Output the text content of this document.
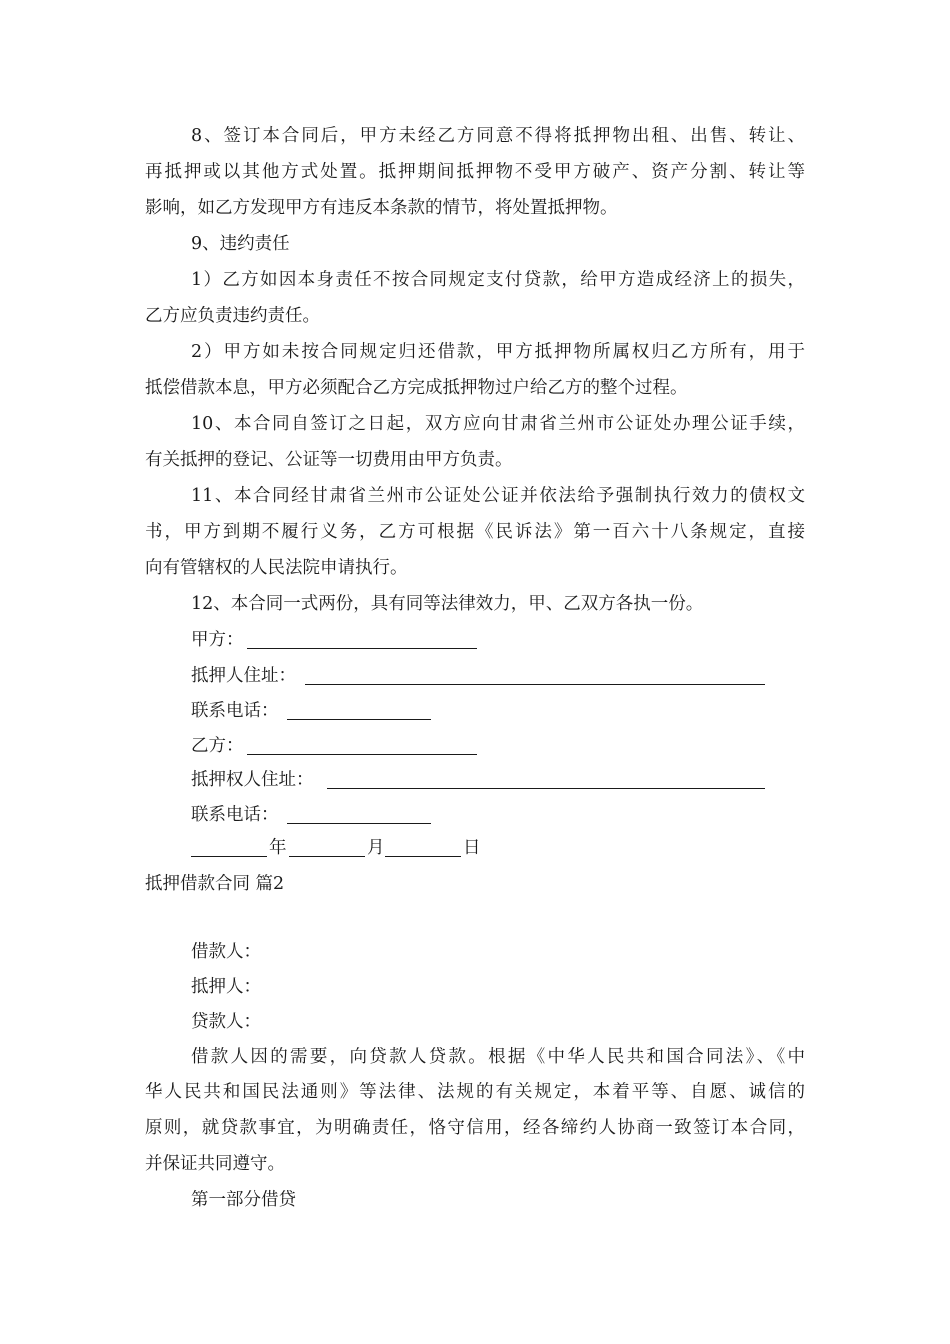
8、签订本合同后，甲方未经乙方同意不得将抵押物出租、出售、转让、
再抵押或以其他方式处置。抵押期间抵押物不受甲方破产、资产分割、转让等
影响，如乙方发现甲方有违反本条款的情节，将处置抵押物。
9、违约责任
1）乙方如因本身责任不按合同规定支付贷款，给甲方造成经济上的损失，
乙方应负责违约责任。
2）甲方如未按合同规定归还借款，甲方抵押物所属权归乙方所有，用于
抵偿借款本息，甲方必须配合乙方完成抵押物过户给乙方的整个过程。
10、本合同自签订之日起，双方应向甘肃省兰州市公证处办理公证手续，
有关抵押的登记、公证等一切费用由甲方负责。
11、本合同经甘肃省兰州市公证处公证并依法给予强制执行效力的债权文
书，甲方到期不履行义务，乙方可根据《民诉法》第一百六十八条规定，直接
向有管辖权的人民法院申请执行。
12、本合同一式两份，具有同等法律效力，甲、乙双方各执一份。
甲方：
抵押人住址：
联系电话：
乙方：
抵押权人住址：
联系电话：
年	月	日
抵押借款合同 篇2
借款人：
抵押人：
贷款人：
借款人因的需要，向贷款人贷款。根据《中华人民共和国合同法》、《中
华人民共和国民法通则》等法律、法规的有关规定，本着平等、自愿、诚信的
原则，就贷款事宜，为明确责任，恪守信用，经各缔约人协商一致签订本合同，
并保证共同遵守。
第一部分借贷
